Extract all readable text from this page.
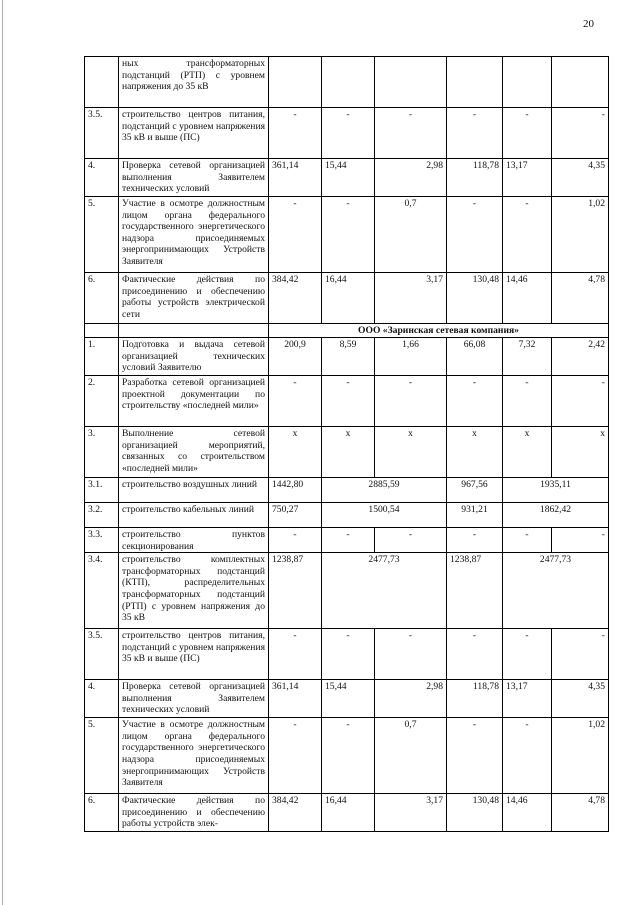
20
	ных трансформаторных подстанций (РТП) с уровнем напряжения до 35 кВ						
3.5.	строительство центров питания, подстанций с уровнем напряжения 35 кВ и выше (ПС)	-	-	-	-	-	-
4.	Проверка сетевой организацией выполнения Заявителем технических условий	361,14	15,44	2,98	118,78	13,17	4,35
5.	Участие в осмотре должностным лицом органа федерального государственного энергетического надзора присоединяемых энергопринимающих Устройств Заявителя	-	-	0,7	-	-	1,02
6.	Фактические действия по присоединению и обеспечению работы устройств электрической сети	384,42	16,44	3,17	130,48	14,46	4,78
		ООО «Заринская сетевая компания»					
1.	Подготовка и выдача сетевой организацией технических условий Заявителю	200,9	8,59	1,66	66,08	7,32	2,42
2.	Разработка сетевой организацией проектной документации по строительству «последней мили»	-	-	-	-	-	-
3.	Выполнение сетевой организацией мероприятий, связанных со строительством «последней мили»	x	x	x	x	x	x
3.1.	строительство воздушных линий	1442,80	2885,59		967,56	1935,11	
3.2.	строительство кабельных линий	750,27	1500,54		931,21	1862,42	
3.3.	строительство пунктов секционирования	-	-	-	-	-	-
3.4.	строительство комплектных трансформаторных подстанций (КТП), распределительных трансформаторных подстанций (РТП) с уровнем напряжения до 35 кВ	1238,87	2477,73		1238,87	2477,73	
3.5.	строительство центров питания, подстанций с уровнем напряжения 35 кВ и выше (ПС)	-	-	-	-	-	-
4.	Проверка сетевой организацией выполнения Заявителем технических условий	361,14	15,44	2,98	118,78	13,17	4,35
5.	Участие в осмотре должностным лицом органа федерального государственного энергетического надзора присоединяемых энергопринимающих Устройств Заявителя	-	-	0,7	-	-	1,02
6.	Фактические действия по присоединению и обеспечению работы устройств элек-	384,42	16,44	3,17	130,48	14,46	4,78
